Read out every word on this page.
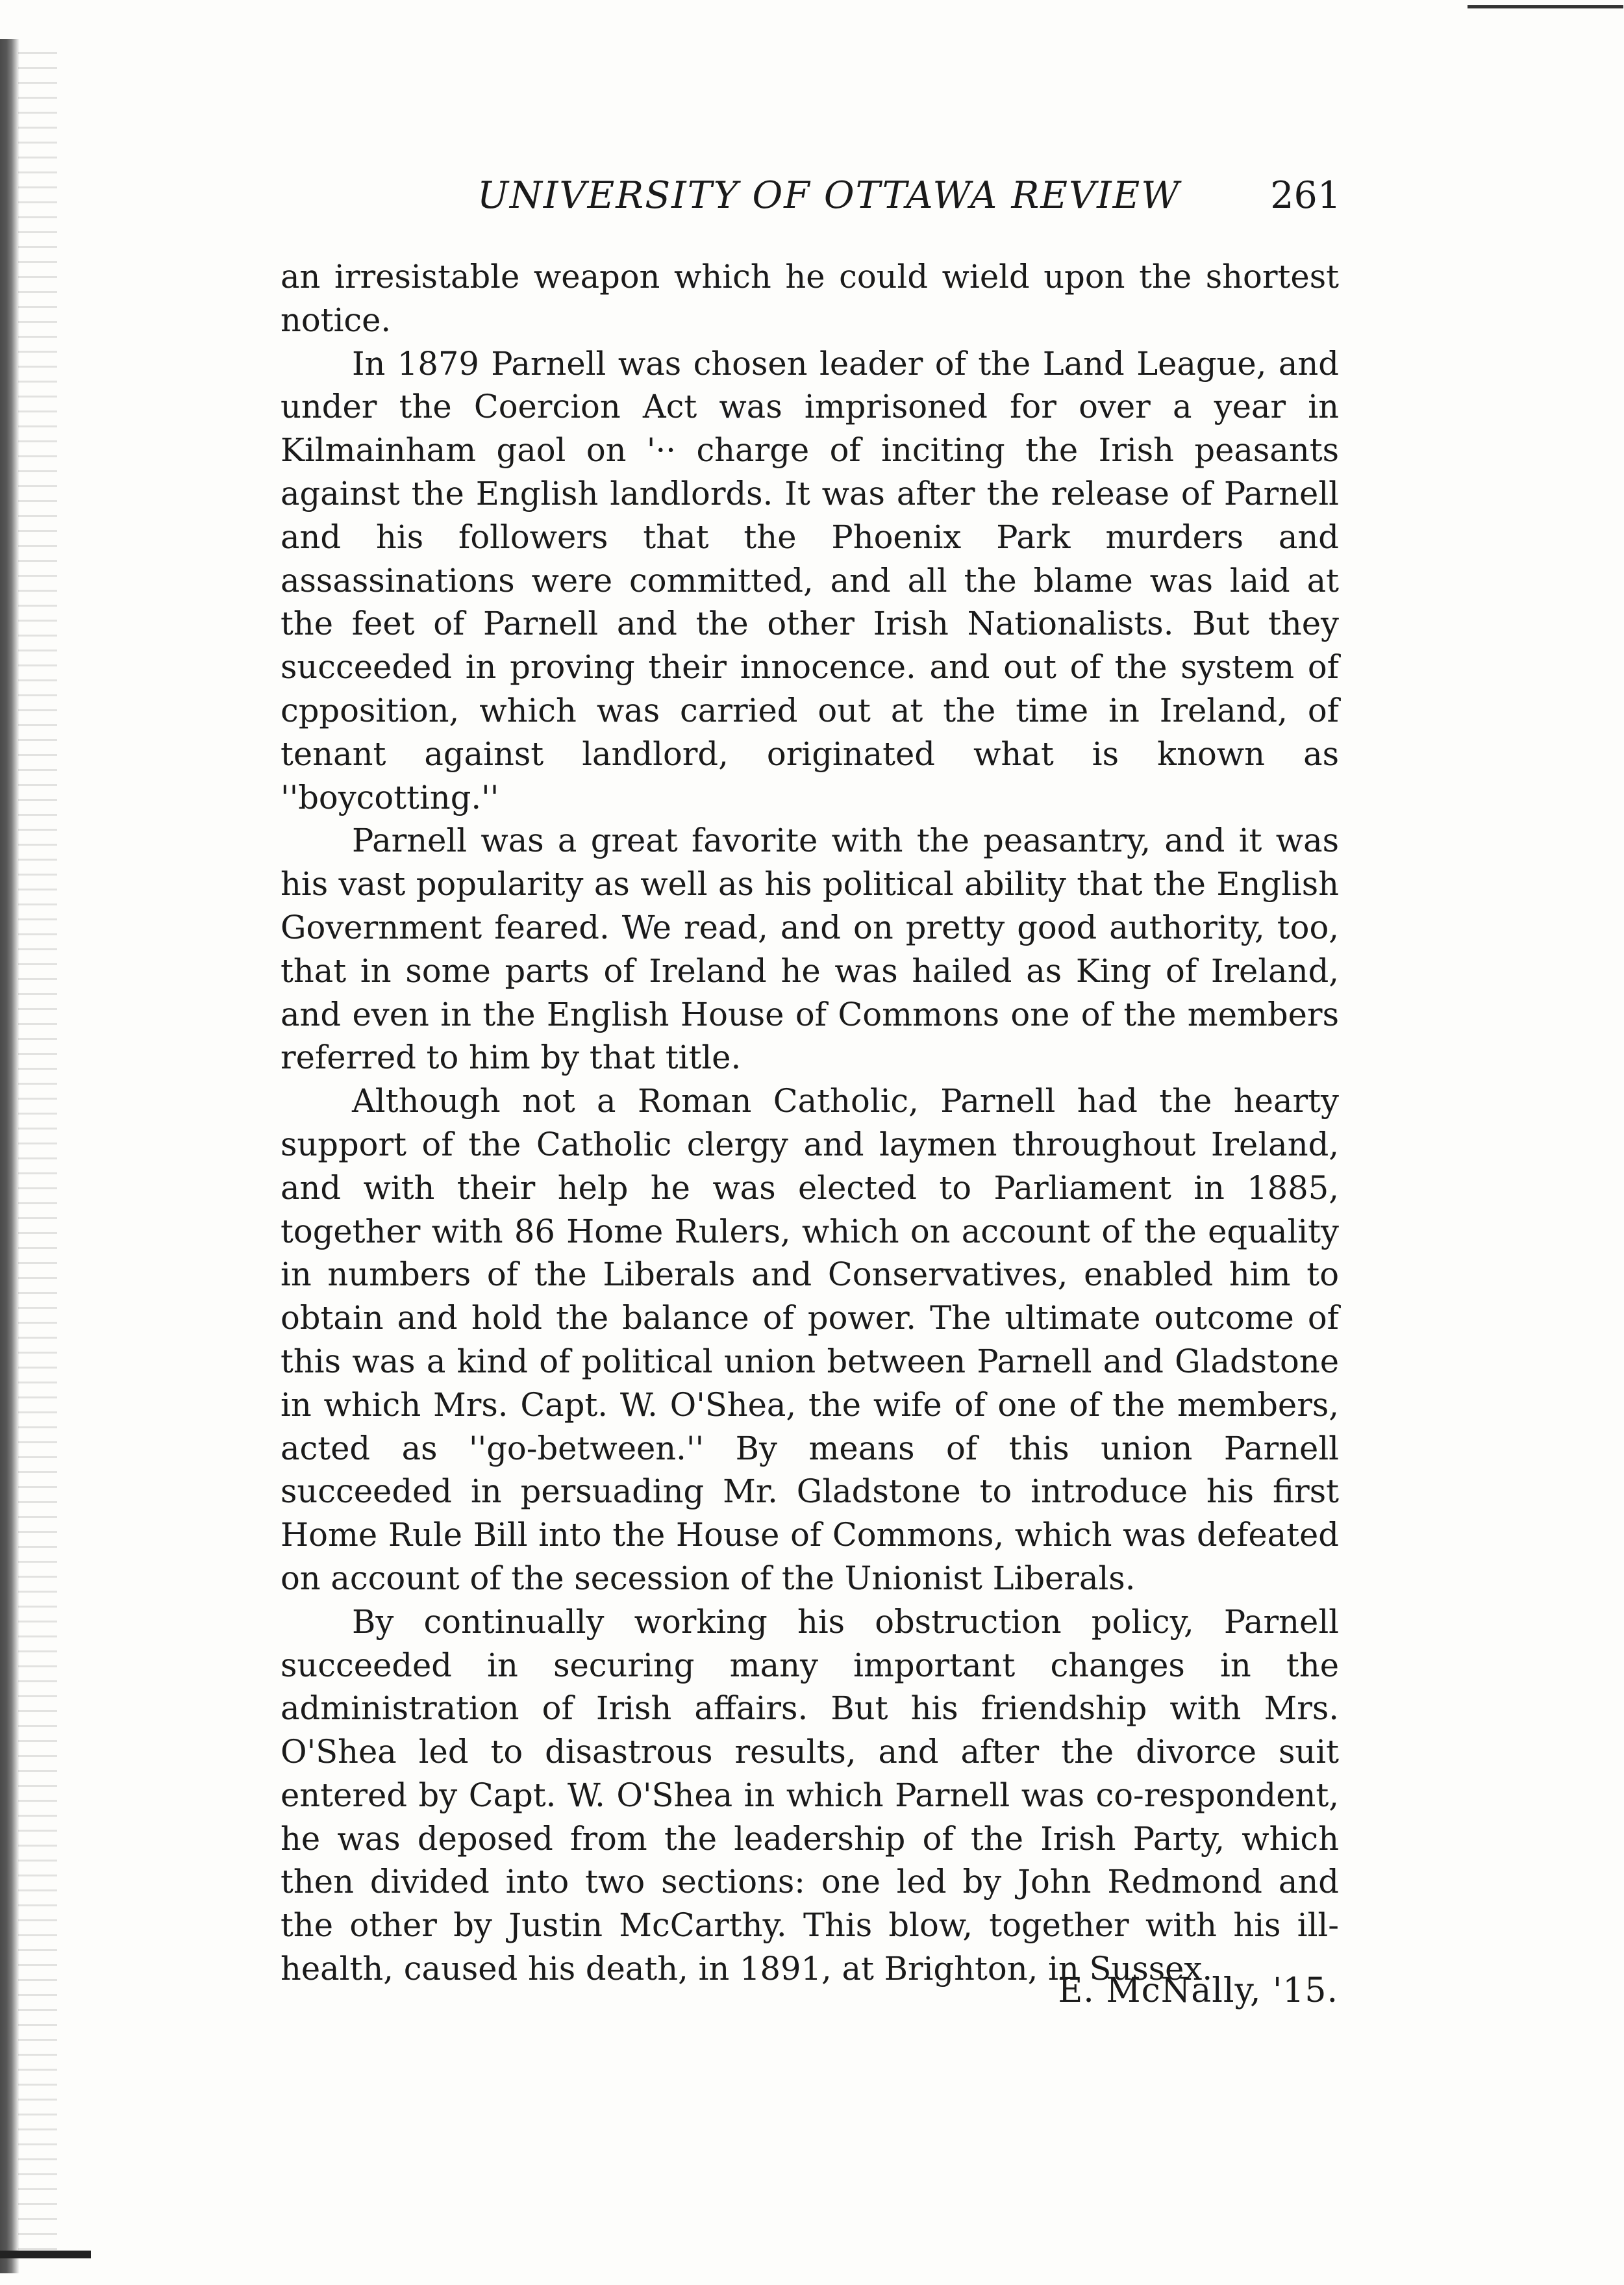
UNIVERSITY OF OTTAWA REVIEW 261

an irresistable weapon which he could wield upon the shortest notice.

In 1879 Parnell was chosen leader of the Land League, and under the Coercion Act was imprisoned for over a year in Kilmainham gaol on '·· charge of inciting the Irish peasants against the English landlords. It was after the release of Parnell and his followers that the Phoenix Park murders and assassinations were committed, and all the blame was laid at the feet of Parnell and the other Irish Nationalists. But they succeeded in proving their innocence. and out of the system of cpposition, which was carried out at the time in Ireland, of tenant against landlord, originated what is known as ''boycotting.''

Parnell was a great favorite with the peasantry, and it was his vast popularity as well as his political ability that the English Government feared. We read, and on pretty good authority, too, that in some parts of Ireland he was hailed as King of Ireland, and even in the English House of Commons one of the members referred to him by that title.

Although not a Roman Catholic, Parnell had the hearty support of the Catholic clergy and laymen throughout Ireland, and with their help he was elected to Parliament in 1885, together with 86 Home Rulers, which on account of the equality in numbers of the Liberals and Conservatives, enabled him to obtain and hold the balance of power. The ultimate outcome of this was a kind of political union between Parnell and Gladstone in which Mrs. Capt. W. O'Shea, the wife of one of the members, acted as ''go-between.'' By means of this union Parnell succeeded in persuading Mr. Gladstone to introduce his first Home Rule Bill into the House of Commons, which was defeated on account of the secession of the Unionist Liberals.

By continually working his obstruction policy, Parnell succeeded in securing many important changes in the administration of Irish affairs. But his friendship with Mrs. O'Shea led to disastrous results, and after the divorce suit entered by Capt. W. O'Shea in which Parnell was co-respondent, he was deposed from the leadership of the Irish Party, which then divided into two sections: one led by John Redmond and the other by Justin McCarthy. This blow, together with his ill-health, caused his death, in 1891, at Brighton, in Sussex.

E. McNally, '15.
